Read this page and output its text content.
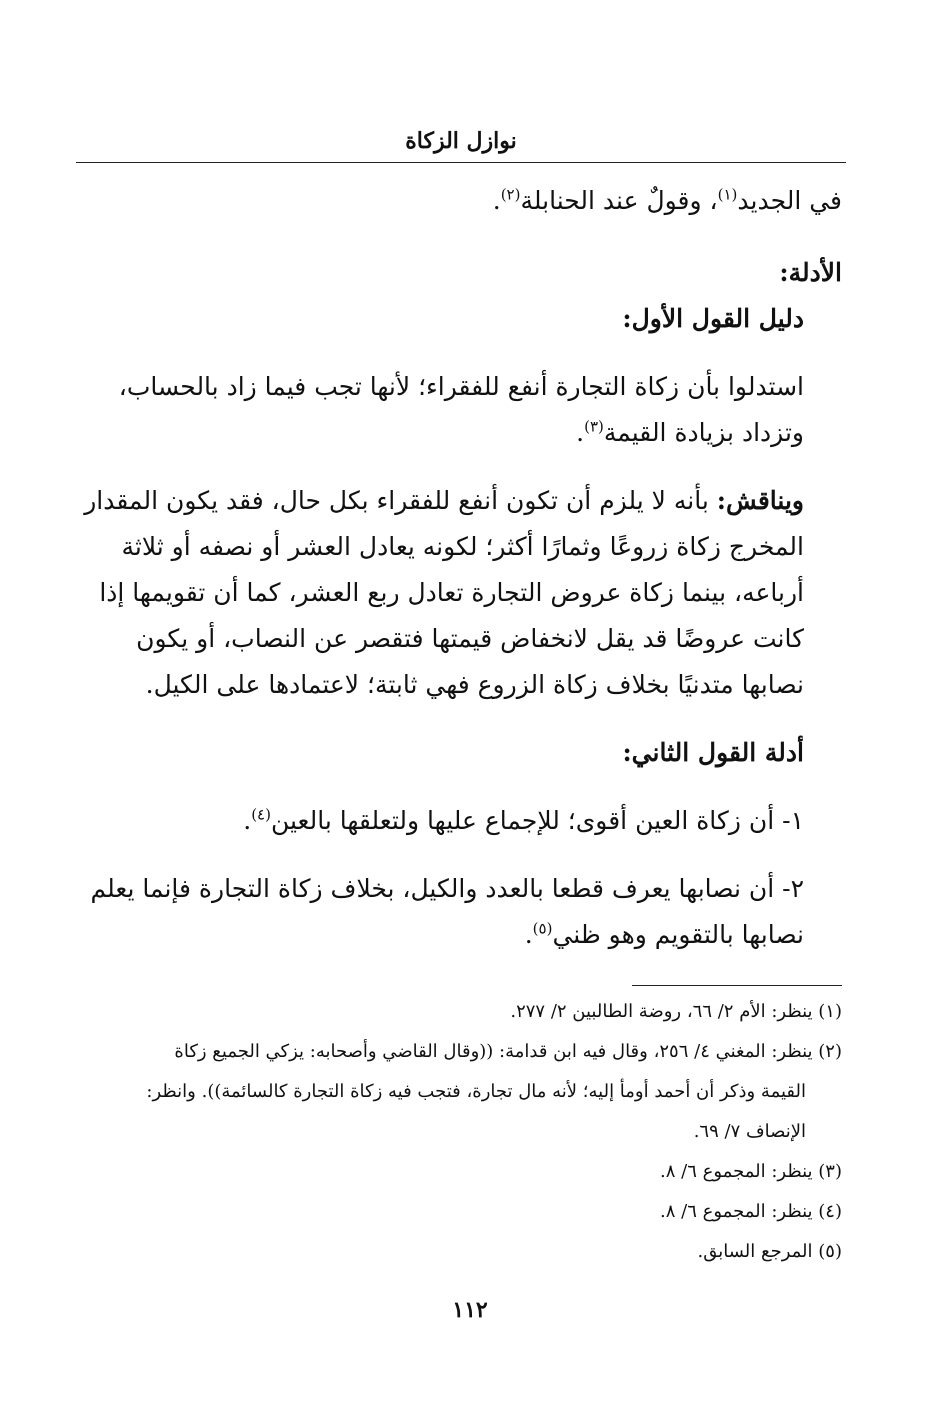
نوازل الزكاة

في الجديد$^{(١)}$، وقولٌ عند الحنابلة$^{(٢)}$.

الأدلة:

دليل القول الأول:

استدلوا بأن زكاة التجارة أنفع للفقراء؛ لأنها تجب فيما زاد بالحساب، وتزداد بزيادة القيمة$^{(٣)}$.

ويناقش: بأنه لا يلزم أن تكون أنفع للفقراء بكل حال، فقد يكون المقدار المخرج زكاة زروعًا وثمارًا أكثر؛ لكونه يعادل العشر أو نصفه أو ثلاثة أرباعه، بينما زكاة عروض التجارة تعادل ربع العشر، كما أن تقويمها إذا كانت عروضًا قد يقل لانخفاض قيمتها فتقصر عن النصاب، أو يكون نصابها متدنيًا بخلاف زكاة الزروع فهي ثابتة؛ لاعتمادها على الكيل.

أدلة القول الثاني:

١- أن زكاة العين أقوى؛ للإجماع عليها ولتعلقها بالعين$^{(٤)}$.

٢- أن نصابها يعرف قطعا بالعدد والكيل، بخلاف زكاة التجارة فإنما يعلم نصابها بالتقويم وهو ظني$^{(٥)}$.

(١) ينظر: الأم ٢/ ٦٦، روضة الطالبين ٢/ ٢٧٧.

(٢) ينظر: المغني ٤/ ٢٥٦، وقال فيه ابن قدامة: ((وقال القاضي وأصحابه: يزكي الجميع زكاة

القيمة وذكر أن أحمد أومأ إليه؛ لأنه مال تجارة، فتجب فيه زكاة التجارة كالسائمة)). وانظر:

الإنصاف ٧/ ٦٩.

(٣) ينظر: المجموع ٦/ ٨.

(٤) ينظر: المجموع ٦/ ٨.

(٥) المرجع السابق.

١١٢
